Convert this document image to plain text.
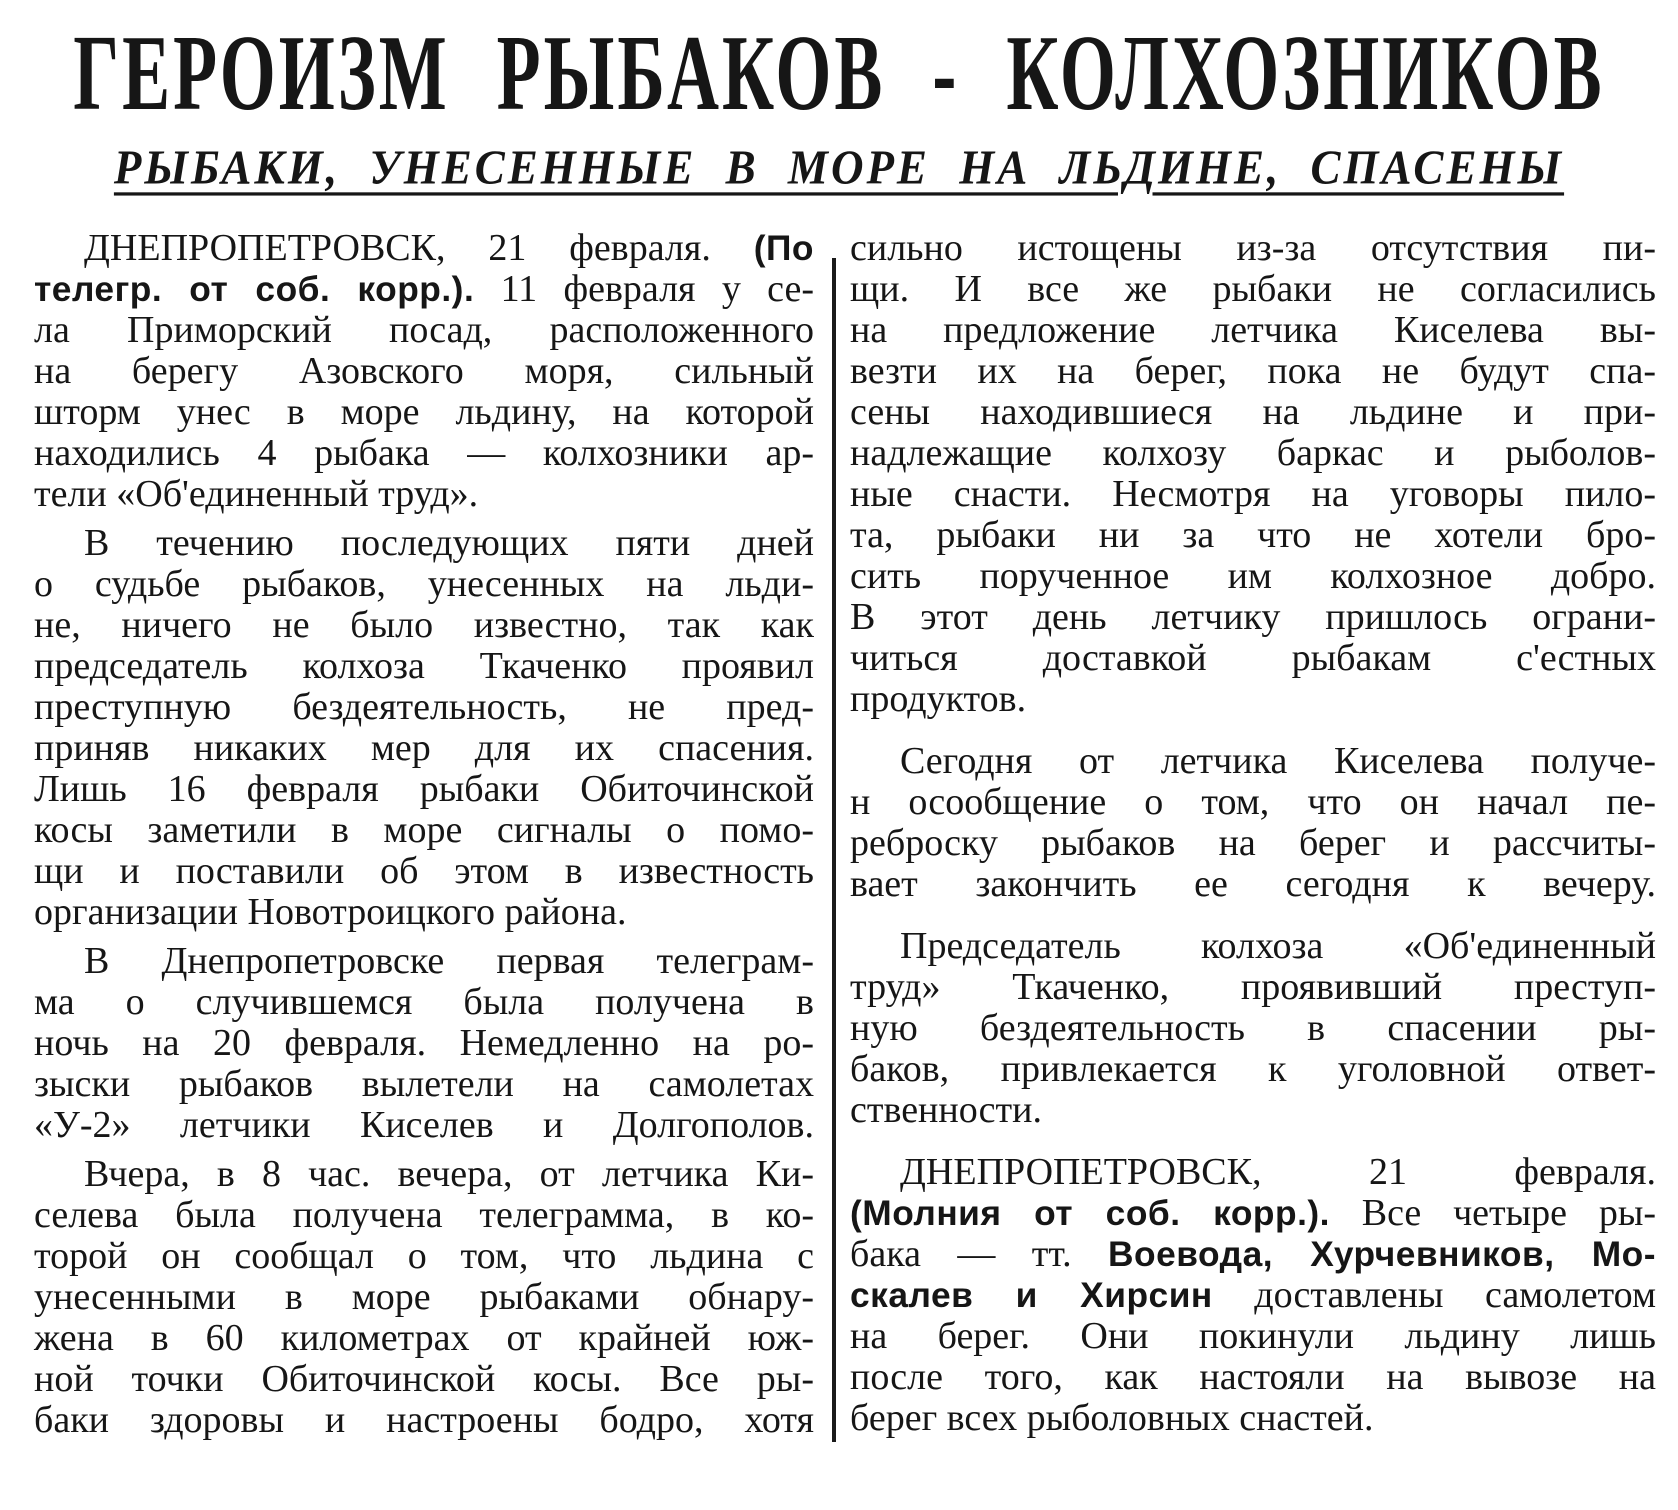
ГЕРОИЗМ РЫБАКОВ - КОЛХОЗНИКОВ
РЫБАКИ, УНЕСЕННЫЕ В МОРЕ НА ЛЬДИНЕ, СПАСЕНЫ
ДНЕПРОПЕТРОВСК, 21 февраля. (По
телегр. от соб. корр.). 11 февраля у се-
ла Приморский посад, расположенного
на берегу Азовского моря, сильный
шторм унес в море льдину, на которой
находились 4 рыбака — колхозники ар-
тели «Об'единенный труд».
В течению последующих пяти дней
о судьбе рыбаков, унесенных на льди-
не, ничего не было известно, так как
председатель колхоза Ткаченко проявил
преступную бездеятельность, не пред-
приняв никаких мер для их спасения.
Лишь 16 февраля рыбаки Обиточинской
косы заметили в море сигналы о помо-
щи и поставили об этом в известность
организации Новотроицкого района.
В Днепропетровске первая телеграм-
ма о случившемся была получена в
ночь на 20 февраля. Немедленно на ро-
зыски рыбаков вылетели на самолетах
«У-2» летчики Киселев и Долгополов.
Вчера, в 8 час. вечера, от летчика Ки-
селева была получена телеграмма, в ко-
торой он сообщал о том, что льдина с
унесенными в море рыбаками обнару-
жена в 60 километрах от крайней юж-
ной точки Обиточинской косы. Все ры-
баки здоровы и настроены бодро, хотя
сильно истощены из-за отсутствия пи-
щи. И все же рыбаки не согласились
на предложение летчика Киселева вы-
везти их на берег, пока не будут спа-
сены находившиеся на льдине и при-
надлежащие колхозу баркас и рыболов-
ные снасти. Несмотря на уговоры пило-
та, рыбаки ни за что не хотели бро-
сить порученное им колхозное добро.
В этот день летчику пришлось ограни-
читься доставкой рыбакам с'естных
продуктов.
Сегодня от летчика Киселева получе-
н осообщение о том, что он начал пе-
реброску рыбаков на берег и рассчиты-
вает закончить ее сегодня к вечеру.
Председатель колхоза «Об'единенный
труд» Ткаченко, проявивший преступ-
ную бездеятельность в спасении ры-
баков, привлекается к уголовной ответ-
ственности.
ДНЕПРОПЕТРОВСК, 21 февраля.
(Молния от соб. корр.). Все четыре ры-
бака — тт. Воевода, Хурчевников, Мо-
скалев и Хирсин доставлены самолетом
на берег. Они покинули льдину лишь
после того, как настояли на вывозе на
берег всех рыболовных снастей.
